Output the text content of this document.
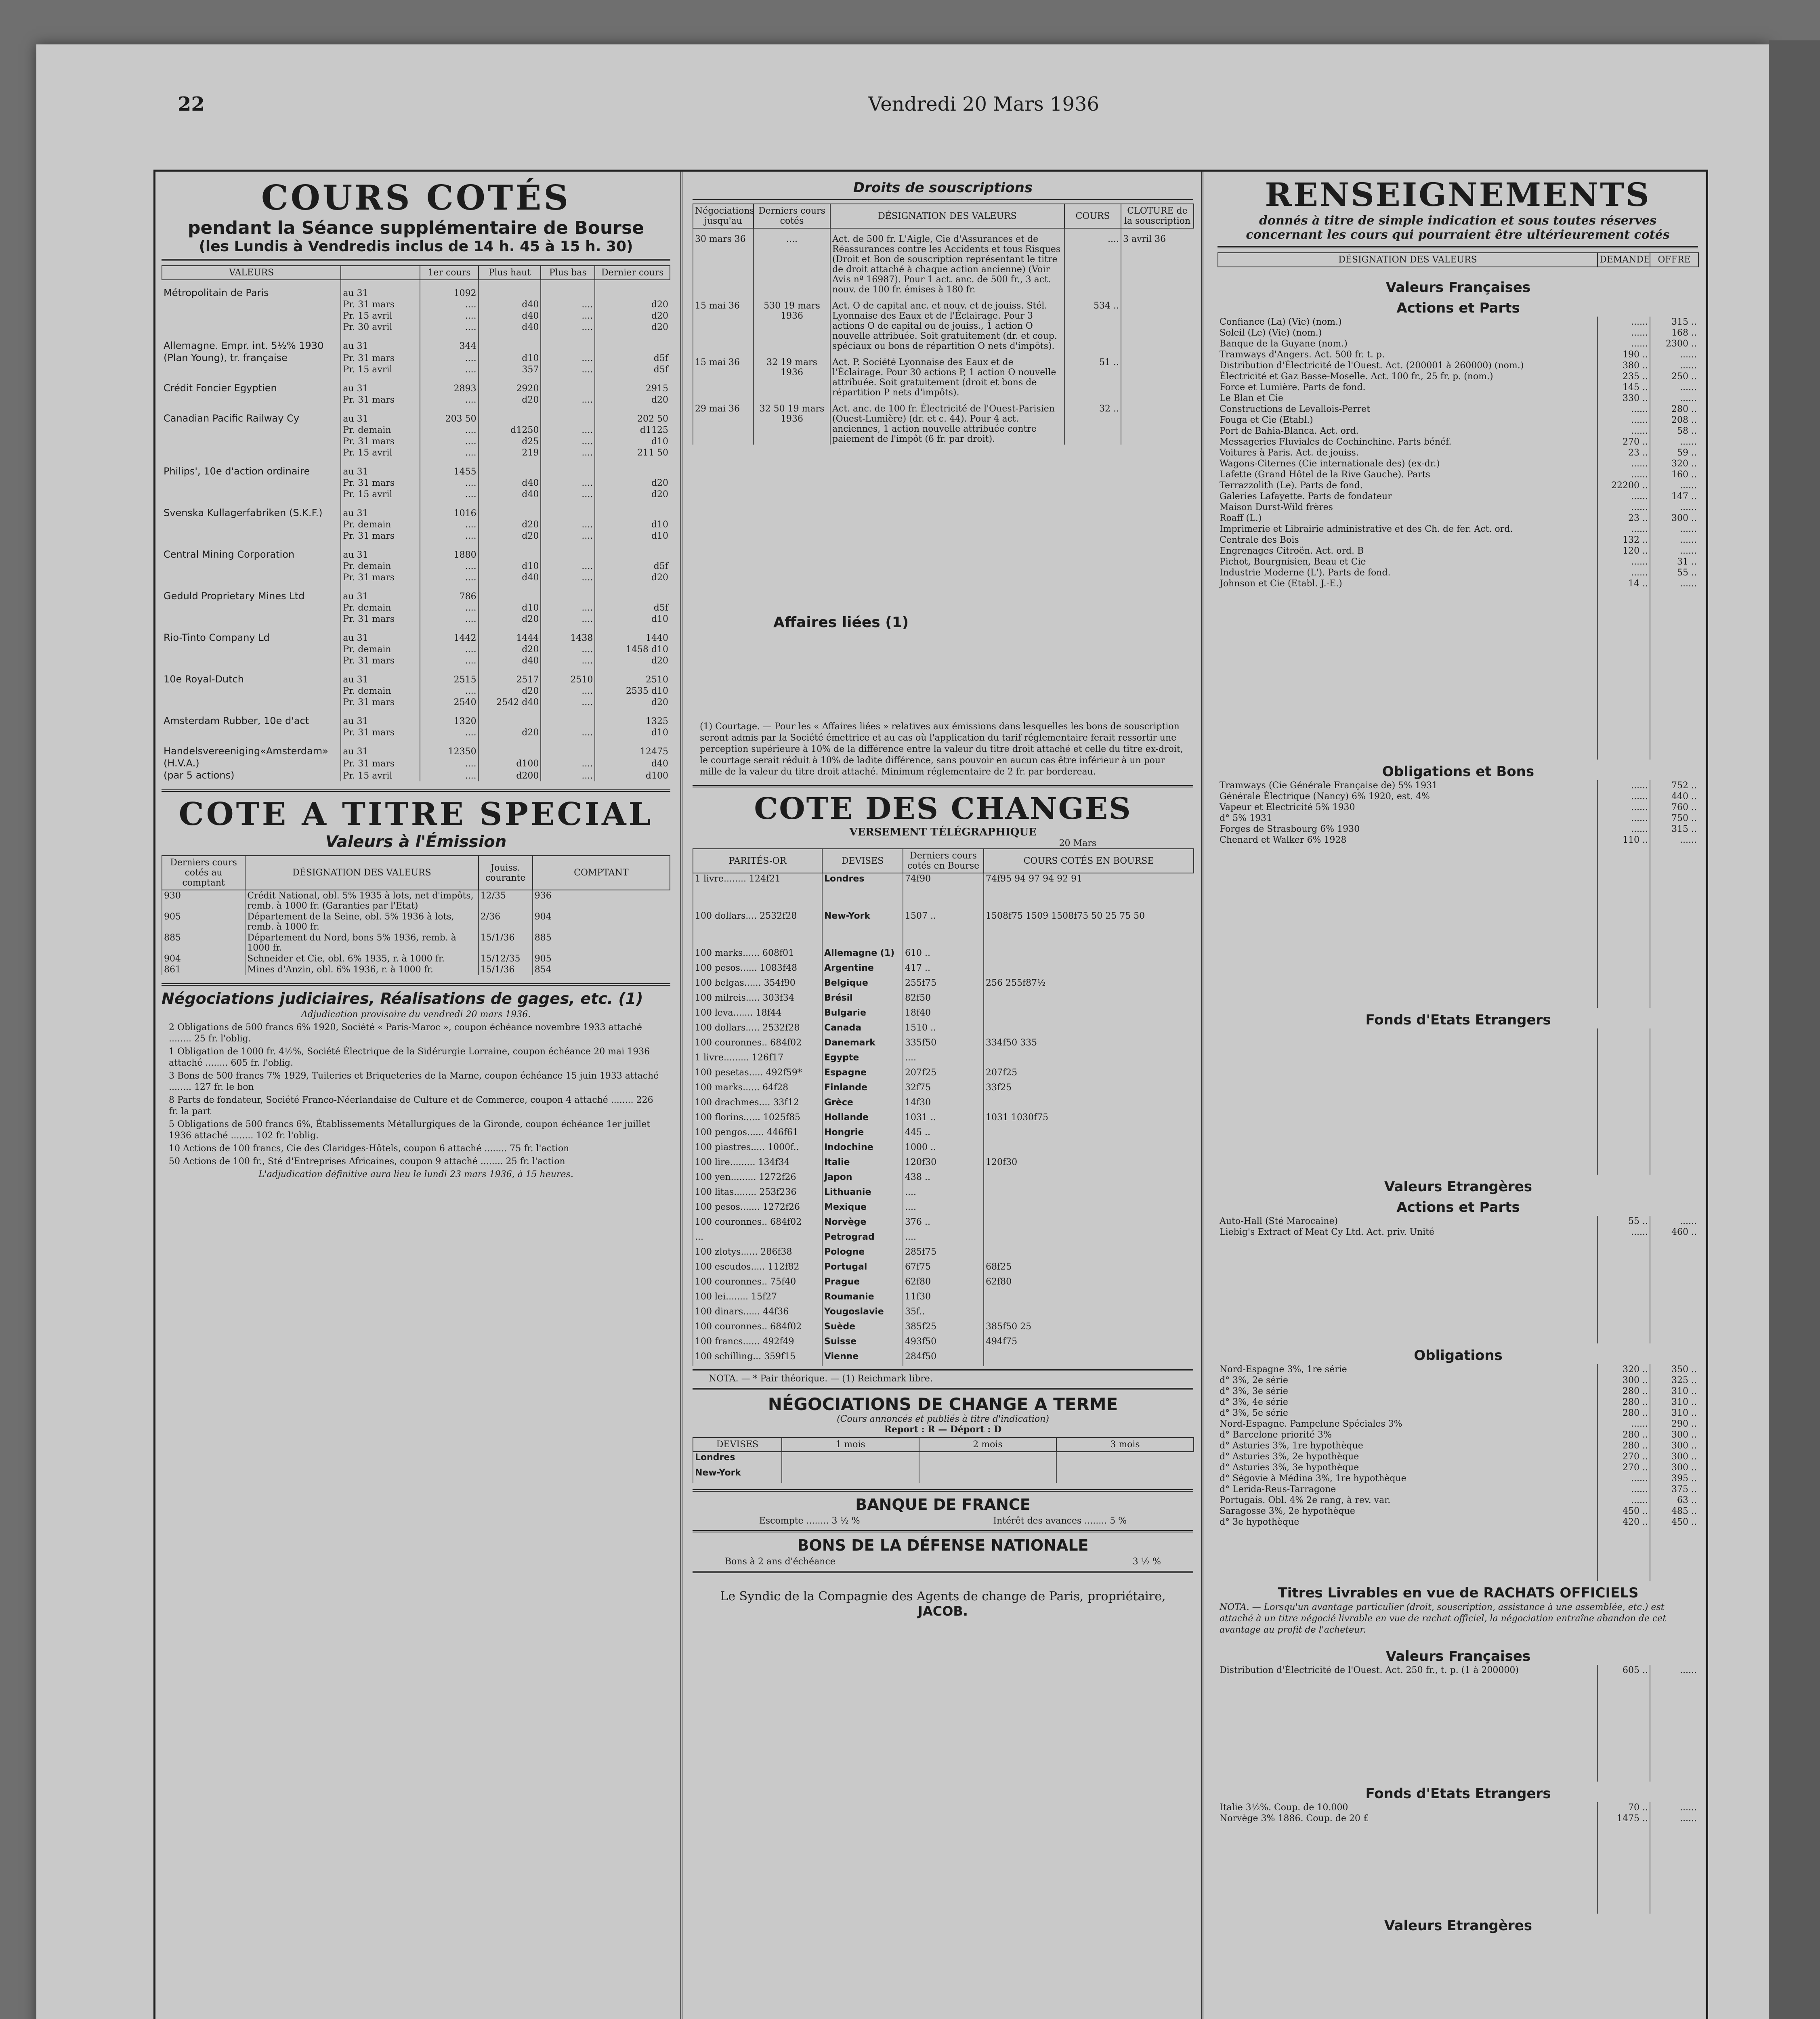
22	Vendredi 20 Mars 1936
COURS COTÉS
pendant la Séance supplémentaire de Bourse
(les Lundis à Vendredis inclus de 14 h. 45 à 15 h. 30)
VALEURS		1er cours	Plus haut	Plus bas	Dernier cours
Métropolitain de Paris	au 31	1092			
	Pr. 31 mars	....	d40	....	d20
	Pr. 15 avril	....	d40	....	d20
	Pr. 30 avril	....	d40	....	d20
Allemagne. Empr. int. 5½% 1930	au 31	344			
(Plan Young), tr. française	Pr. 31 mars	....	d10	....	d5f
	Pr. 15 avril	....	357	....	d5f
Crédit Foncier Egyptien	au 31	2893	2920		2915
	Pr. 31 mars	....	d20	....	d20
Canadian Pacific Railway Cy	au 31	203 50			202 50
	Pr. demain	....	d1250	....	d1125
	Pr. 31 mars	....	d25	....	d10
	Pr. 15 avril	....	219	....	211 50
Philips', 10e d'action ordinaire	au 31	1455			
	Pr. 31 mars	....	d40	....	d20
	Pr. 15 avril	....	d40	....	d20
Svenska Kullagerfabriken (S.K.F.)	au 31	1016			
	Pr. demain	....	d20	....	d10
	Pr. 31 mars	....	d20	....	d10
Central Mining Corporation	au 31	1880			
	Pr. demain	....	d10	....	d5f
	Pr. 31 mars	....	d40	....	d20
Geduld Proprietary Mines Ltd	au 31	786			
	Pr. demain	....	d10	....	d5f
	Pr. 31 mars	....	d20	....	d10
Rio-Tinto Company Ld	au 31	1442	1444	1438	1440
	Pr. demain	....	d20	....	1458 d10
	Pr. 31 mars	....	d40	....	d20
10e Royal-Dutch	au 31	2515	2517	2510	2510
	Pr. demain	....	d20	....	2535 d10
	Pr. 31 mars	2540	2542 d40	....	d20
Amsterdam Rubber, 10e d'act	au 31	1320			1325
	Pr. 31 mars	....	d20	....	d10
Handelsvereeniging«Amsterdam»	au 31	12350			12475
(H.V.A.)	Pr. 31 mars	....	d100	....	d40
(par 5 actions)	Pr. 15 avril	....	d200	....	d100
COTE A TITRE SPECIAL
Valeurs à l'Émission
Derniers cours cotés au comptant	DÉSIGNATION DES VALEURS	Jouiss. courante	COMPTANT
930	Crédit National, obl. 5% 1935 à lots, net d'impôts, remb. à 1000 fr. (Garanties par l'Etat)	12/35	936
905	Département de la Seine, obl. 5% 1936 à lots, remb. à 1000 fr.	2/36	904
885	Département du Nord, bons 5% 1936, remb. à 1000 fr.	15/1/36	885
904	Schneider et Cie, obl. 6% 1935, r. à 1000 fr.	15/12/35	905
861	Mines d'Anzin, obl. 6% 1936, r. à 1000 fr.	15/1/36	854
Négociations judiciaires, Réalisations de gages, etc. (1)
Adjudication provisoire du vendredi 20 mars 1936.
2 Obligations de 500 francs 6% 1920, Société « Paris-Maroc », coupon échéance novembre 1933 attaché ........ 25 fr. l'oblig.
1 Obligation de 1000 fr. 4½%, Société Électrique de la Sidérurgie Lorraine, coupon échéance 20 mai 1936 attaché ........ 605 fr. l'oblig.
3 Bons de 500 francs 7% 1929, Tuileries et Briqueteries de la Marne, coupon échéance 15 juin 1933 attaché ........ 127 fr. le bon
8 Parts de fondateur, Société Franco-Néerlandaise de Culture et de Commerce, coupon 4 attaché ........ 226 fr. la part
5 Obligations de 500 francs 6%, Établissements Métallurgiques de la Gironde, coupon échéance 1er juillet 1936 attaché ........ 102 fr. l'oblig.
10 Actions de 100 francs, Cie des Claridges-Hôtels, coupon 6 attaché ........ 75 fr. l'action
50 Actions de 100 fr., Sté d'Entreprises Africaines, coupon 9 attaché ........ 25 fr. l'action
L'adjudication définitive aura lieu le lundi 23 mars 1936, à 15 heures.
Droits de souscriptions
Négociations jusqu'au	Derniers cours cotés	DÉSIGNATION DES VALEURS	COURS	CLOTURE de la souscription
30 mars 36	....	Act. de 500 fr. L'Aigle, Cie d'Assurances et de Réassurances contre les Accidents et tous Risques (Droit et Bon de souscription représentant le titre de droit attaché à chaque action ancienne) (Voir Avis nº 16987). Pour 1 act. anc. de 500 fr., 3 act. nouv. de 100 fr. émises à 180 fr.	....	3 avril 36
15 mai 36	530 19 mars 1936	Act. O de capital anc. et nouv. et de jouiss. Stél. Lyonnaise des Eaux et de l'Éclairage. Pour 3 actions O de capital ou de jouiss., 1 action O nouvelle attribuée. Soit gratuitement (dr. et coup. spéciaux ou bons de répartition O nets d'impôts).	534 ..	
15 mai 36	32 19 mars 1936	Act. P. Société Lyonnaise des Eaux et de l'Éclairage. Pour 30 actions P, 1 action O nouvelle attribuée. Soit gratuitement (droit et bons de répartition P nets d'impôts).	51 ..	
29 mai 36	32 50 19 mars 1936	Act. anc. de 100 fr. Électricité de l'Ouest-Parisien (Ouest-Lumière) (dr. et c. 44). Pour 4 act. anciennes, 1 action nouvelle attribuée contre paiement de l'impôt (6 fr. par droit).	32 ..	
Affaires liées (1)
(1) Courtage. — Pour les « Affaires liées » relatives aux émissions dans lesquelles les bons de souscription seront admis par la Société émettrice et au cas où l'application du tarif réglementaire ferait ressortir une perception supérieure à 10% de la différence entre la valeur du titre droit attaché et celle du titre ex-droit, le courtage serait réduit à 10% de ladite différence, sans pouvoir en aucun cas être inférieur à un pour mille de la valeur du titre droit attaché. Minimum réglementaire de 2 fr. par bordereau.
COTE DES CHANGES
VERSEMENT TÉLÉGRAPHIQUE
20 Mars
PARITÉS-OR	DEVISES	Derniers cours cotés en Bourse	COURS COTÉS EN BOURSE
1 livre........ 124f21	Londres	74f90	74f95 94 97 94 92 91
100 dollars.... 2532f28	New-York	1507 ..	1508f75 1509 1508f75 50 25 75 50
100 marks...... 608f01	Allemagne (1)	610 ..	
100 pesos...... 1083f48	Argentine	417 ..	
100 belgas...... 354f90	Belgique	255f75	256 255f87½
100 milreis..... 303f34	Brésil	82f50	
100 leva....... 18f44	Bulgarie	18f40	
100 dollars..... 2532f28	Canada	1510 ..	
100 couronnes.. 684f02	Danemark	335f50	334f50 335
1 livre......... 126f17	Egypte	....	
100 pesetas..... 492f59*	Espagne	207f25	207f25
100 marks...... 64f28	Finlande	32f75	33f25
100 drachmes.... 33f12	Grèce	14f30	
100 florins...... 1025f85	Hollande	1031 ..	1031 1030f75
100 pengos...... 446f61	Hongrie	445 ..	
100 piastres..... 1000f..	Indochine	1000 ..	
100 lire......... 134f34	Italie	120f30	120f30
100 yen......... 1272f26	Japon	438 ..	
100 litas........ 253f236	Lithuanie	....	
100 pesos....... 1272f26	Mexique	....	
100 couronnes.. 684f02	Norvège	376 ..	
...	Petrograd	....	
100 zlotys...... 286f38	Pologne	285f75	
100 escudos..... 112f82	Portugal	67f75	68f25
100 couronnes.. 75f40	Prague	62f80	62f80
100 lei........ 15f27	Roumanie	11f30	
100 dinars...... 44f36	Yougoslavie	35f..	
100 couronnes.. 684f02	Suède	385f25	385f50 25
100 francs...... 492f49	Suisse	493f50	494f75
100 schilling... 359f15	Vienne	284f50	
NOTA. — * Pair théorique. — (1) Reichmark libre.
NÉGOCIATIONS DE CHANGE A TERME
(Cours annoncés et publiés à titre d'indication)
Report : R — Déport : D
DEVISES	1 mois	2 mois	3 mois
Londres			
New-York			
BANQUE DE FRANCE
Escompte ........ 3 ½ %	Intérêt des avances ........ 5 %
BONS DE LA DÉFENSE NATIONALE
Bons à 2 ans d'échéance	3 ½ %
Le Syndic de la Compagnie des Agents de change de Paris, propriétaire,
JACOB.
RENSEIGNEMENTS
donnés à titre de simple indication et sous toutes réserves concernant les cours qui pourraient être ultérieurement cotés
DÉSIGNATION DES VALEURS	DEMANDE	OFFRE
Valeurs Françaises		
Actions et Parts		
Confiance (La) (Vie) (nom.)	......	315 ..
Soleil (Le) (Vie) (nom.)	......	168 ..
Banque de la Guyane (nom.)	......	2300 ..
Tramways d'Angers. Act. 500 fr. t. p.	190 ..	......
Distribution d'Électricité de l'Ouest. Act. (200001 à 260000) (nom.)	380 ..	......
Électricité et Gaz Basse-Moselle. Act. 100 fr., 25 fr. p. (nom.)	235 ..	250 ..
Force et Lumière. Parts de fond.	145 ..	......
Le Blan et Cie	330 ..	......
Constructions de Levallois-Perret	......	280 ..
Fouga et Cie (Etabl.)	......	208 ..
Port de Bahia-Blanca. Act. ord.	......	58 ..
Messageries Fluviales de Cochinchine. Parts bénéf.	270 ..	......
Voitures à Paris. Act. de jouiss.	23 ..	59 ..
Wagons-Citernes (Cie internationale des) (ex-dr.)	......	320 ..
Lafette (Grand Hôtel de la Rive Gauche). Parts	......	160 ..
Terrazzolith (Le). Parts de fond.	22200 ..	......
Galeries Lafayette. Parts de fondateur	......	147 ..
Maison Durst-Wild frères	......	......
Roaff (L.)	23 ..	300 ..
Imprimerie et Librairie administrative et des Ch. de fer. Act. ord.	......	......
Centrale des Bois	132 ..	......
Engrenages Citroën. Act. ord. B	120 ..	......
Pichot, Bourgnisien, Beau et Cie	......	31 ..
Industrie Moderne (L'). Parts de fond.	......	55 ..
Johnson et Cie (Etabl. J.-E.)	14 ..	......

Obligations et Bons		
Tramways (Cie Générale Française de) 5% 1931	......	752 ..
Générale Électrique (Nancy) 6% 1920, est. 4%	......	440 ..
Vapeur et Électricité 5% 1930	......	760 ..
d° 5% 1931	......	750 ..
Forges de Strasbourg 6% 1930	......	315 ..
Chenard et Walker 6% 1928	110 ..	......

Fonds d'Etats Etrangers		

Valeurs Etrangères		
Actions et Parts		
Auto-Hall (Sté Marocaine)	55 ..	......
Liebig's Extract of Meat Cy Ltd. Act. priv. Unité	......	460 ..

Obligations		
Nord-Espagne 3%, 1re série	320 ..	350 ..
d° 3%, 2e série	300 ..	325 ..
d° 3%, 3e série	280 ..	310 ..
d° 3%, 4e série	280 ..	310 ..
d° 3%, 5e série	280 ..	310 ..
Nord-Espagne. Pampelune Spéciales 3%	......	290 ..
d° Barcelone priorité 3%	280 ..	300 ..
d° Asturies 3%, 1re hypothèque	280 ..	300 ..
d° Asturies 3%, 2e hypothèque	270 ..	300 ..
d° Asturies 3%, 3e hypothèque	270 ..	300 ..
d° Ségovie à Médina 3%, 1re hypothèque	......	395 ..
d° Lerida-Reus-Tarragone	......	375 ..
Portugais. Obl. 4% 2e rang, à rev. var.	......	63 ..
Saragosse 3%, 2e hypothèque	450 ..	485 ..
d° 3e hypothèque	420 ..	450 ..

Titres Livrables en vue de RACHATS OFFICIELS		
NOTA. — Lorsqu'un avantage particulier (droit, souscription, assistance à une assemblée, etc.) est attaché à un titre négocié livrable en vue de rachat officiel, la négociation entraîne abandon de cet avantage au profit de l'acheteur.		
Valeurs Françaises		
Distribution d'Électricité de l'Ouest. Act. 250 fr., t. p. (1 à 200000)	605 ..	......

Fonds d'Etats Etrangers		
Italie 3½%. Coup. de 10.000	70 ..	......
Norvège 3% 1886. Coup. de 20 £	1475 ..	......

Valeurs Etrangères		
